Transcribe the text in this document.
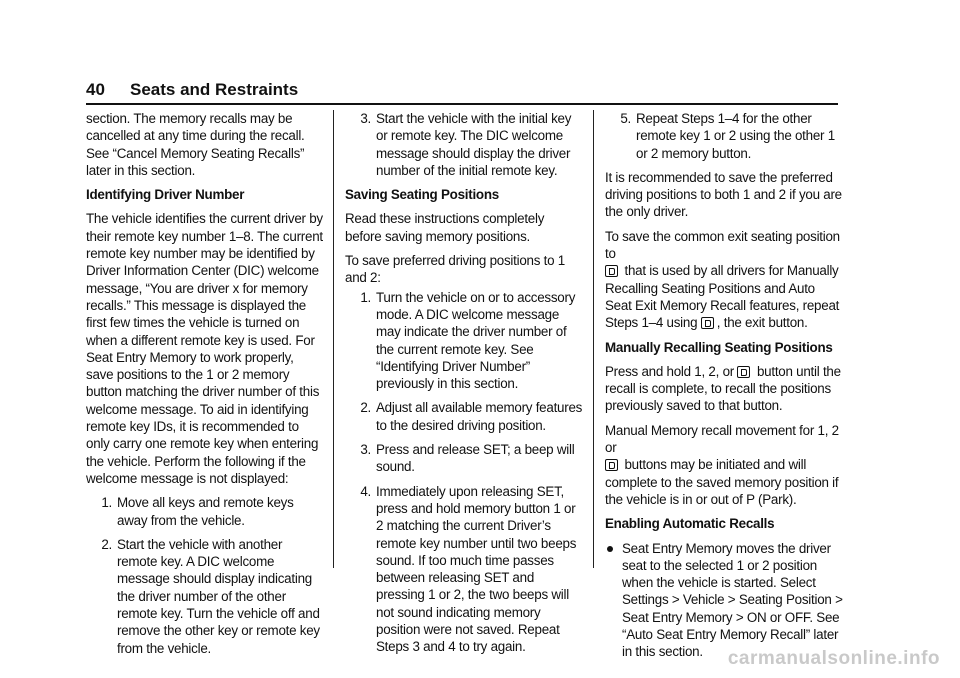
40 Seats and Restraints

section. The memory recalls may be cancelled at any time during the recall. See “Cancel Memory Seating Recalls” later in this section.

Identifying Driver Number

The vehicle identifies the current driver by their remote key number 1–8. The current remote key number may be identified by Driver Information Center (DIC) welcome message, “You are driver x for memory recalls.” This message is displayed the first few times the vehicle is turned on when a different remote key is used. For Seat Entry Memory to work properly, save positions to the 1 or 2 memory button matching the driver number of this welcome message. To aid in identifying remote key IDs, it is recommended to only carry one remote key when entering the vehicle. Perform the following if the welcome message is not displayed:

1. Move all keys and remote keys away from the vehicle.
2. Start the vehicle with another remote key. A DIC welcome message should display indicating the driver number of the other remote key. Turn the vehicle off and remove the other key or remote key from the vehicle.
3. Start the vehicle with the initial key or remote key. The DIC welcome message should display the driver number of the initial remote key.

Saving Seating Positions

Read these instructions completely before saving memory positions.

To save preferred driving positions to 1 and 2:

1. Turn the vehicle on or to accessory mode. A DIC welcome message may indicate the driver number of the current remote key. See “Identifying Driver Number” previously in this section.
2. Adjust all available memory features to the desired driving position.
3. Press and release SET; a beep will sound.
4. Immediately upon releasing SET, press and hold memory button 1 or 2 matching the current Driver’s remote key number until two beeps sound. If too much time passes between releasing SET and pressing 1 or 2, the two beeps will not sound indicating memory position were not saved. Repeat Steps 3 and 4 to try again.
5. Repeat Steps 1–4 for the other remote key 1 or 2 using the other 1 or 2 memory button.

It is recommended to save the preferred driving positions to both 1 and 2 if you are the only driver.

To save the common exit seating position to
that is used by all drivers for Manually Recalling Seating Positions and Auto Seat Exit Memory Recall features, repeat Steps 1–4 using , the exit button.

Manually Recalling Seating Positions

Press and hold 1, 2, or button until the recall is complete, to recall the positions previously saved to that button.

Manual Memory recall movement for 1, 2 or
buttons may be initiated and will complete to the saved memory position if the vehicle is in or out of P (Park).

Enabling Automatic Recalls

Seat Entry Memory moves the driver seat to the selected 1 or 2 position when the vehicle is started. Select Settings > Vehicle > Seating Position > Seat Entry Memory > ON or OFF. See “Auto Seat Entry Memory Recall” later in this section.	carmanualsonline.info
